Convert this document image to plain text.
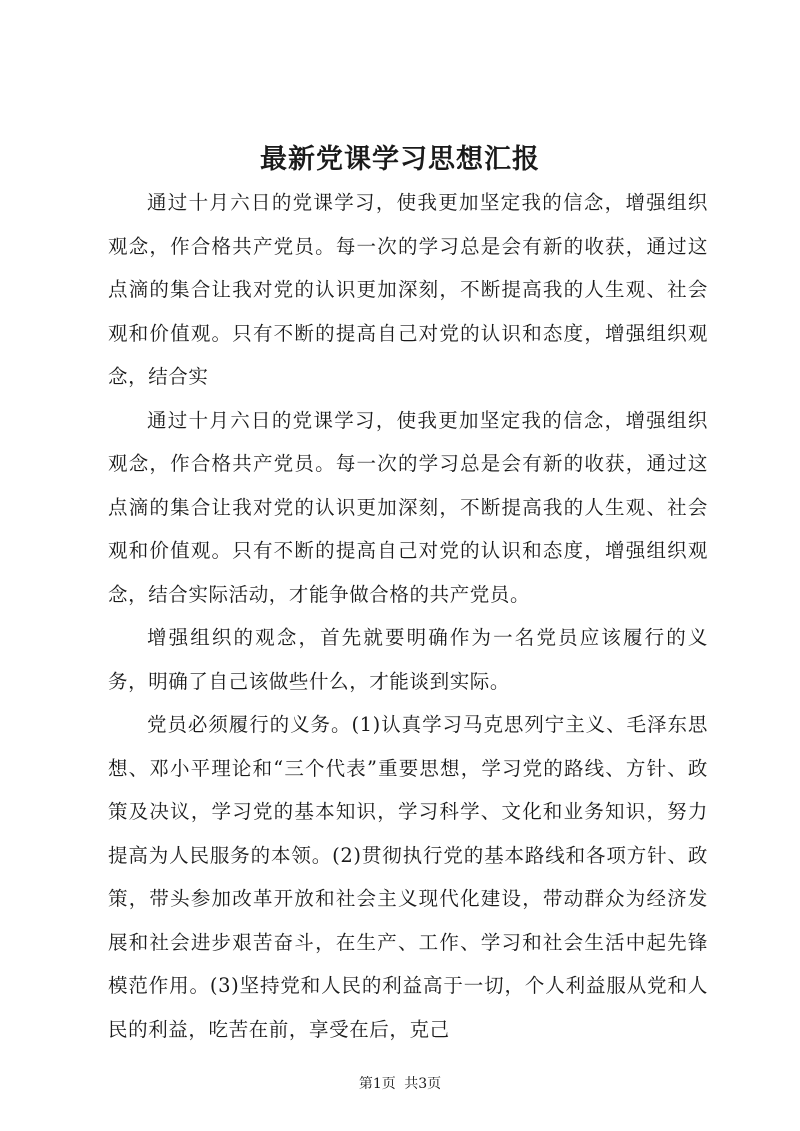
最新党课学习思想汇报

通过十月六日的党课学习，使我更加坚定我的信念，增强组织观念，作合格共产党员。每一次的学习总是会有新的收获，通过这点滴的集合让我对党的认识更加深刻，不断提高我的人生观、社会观和价值观。只有不断的提高自己对党的认识和态度，增强组织观念，结合实

通过十月六日的党课学习，使我更加坚定我的信念，增强组织观念，作合格共产党员。每一次的学习总是会有新的收获，通过这点滴的集合让我对党的认识更加深刻，不断提高我的人生观、社会观和价值观。只有不断的提高自己对党的认识和态度，增强组织观念，结合实际活动，才能争做合格的共产党员。

增强组织的观念，首先就要明确作为一名党员应该履行的义务，明确了自己该做些什么，才能谈到实际。

党员必须履行的义务。(1)认真学习马克思列宁主义、毛泽东思想、邓小平理论和“三个代表”重要思想，学习党的路线、方针、政策及决议，学习党的基本知识，学习科学、文化和业务知识，努力提高为人民服务的本领。(2)贯彻执行党的基本路线和各项方针、政策，带头参加改革开放和社会主义现代化建设，带动群众为经济发展和社会进步艰苦奋斗，在生产、工作、学习和社会生活中起先锋模范作用。(3)坚持党和人民的利益高于一切，个人利益服从党和人民的利益，吃苦在前，享受在后，克己

第1页 共3页
